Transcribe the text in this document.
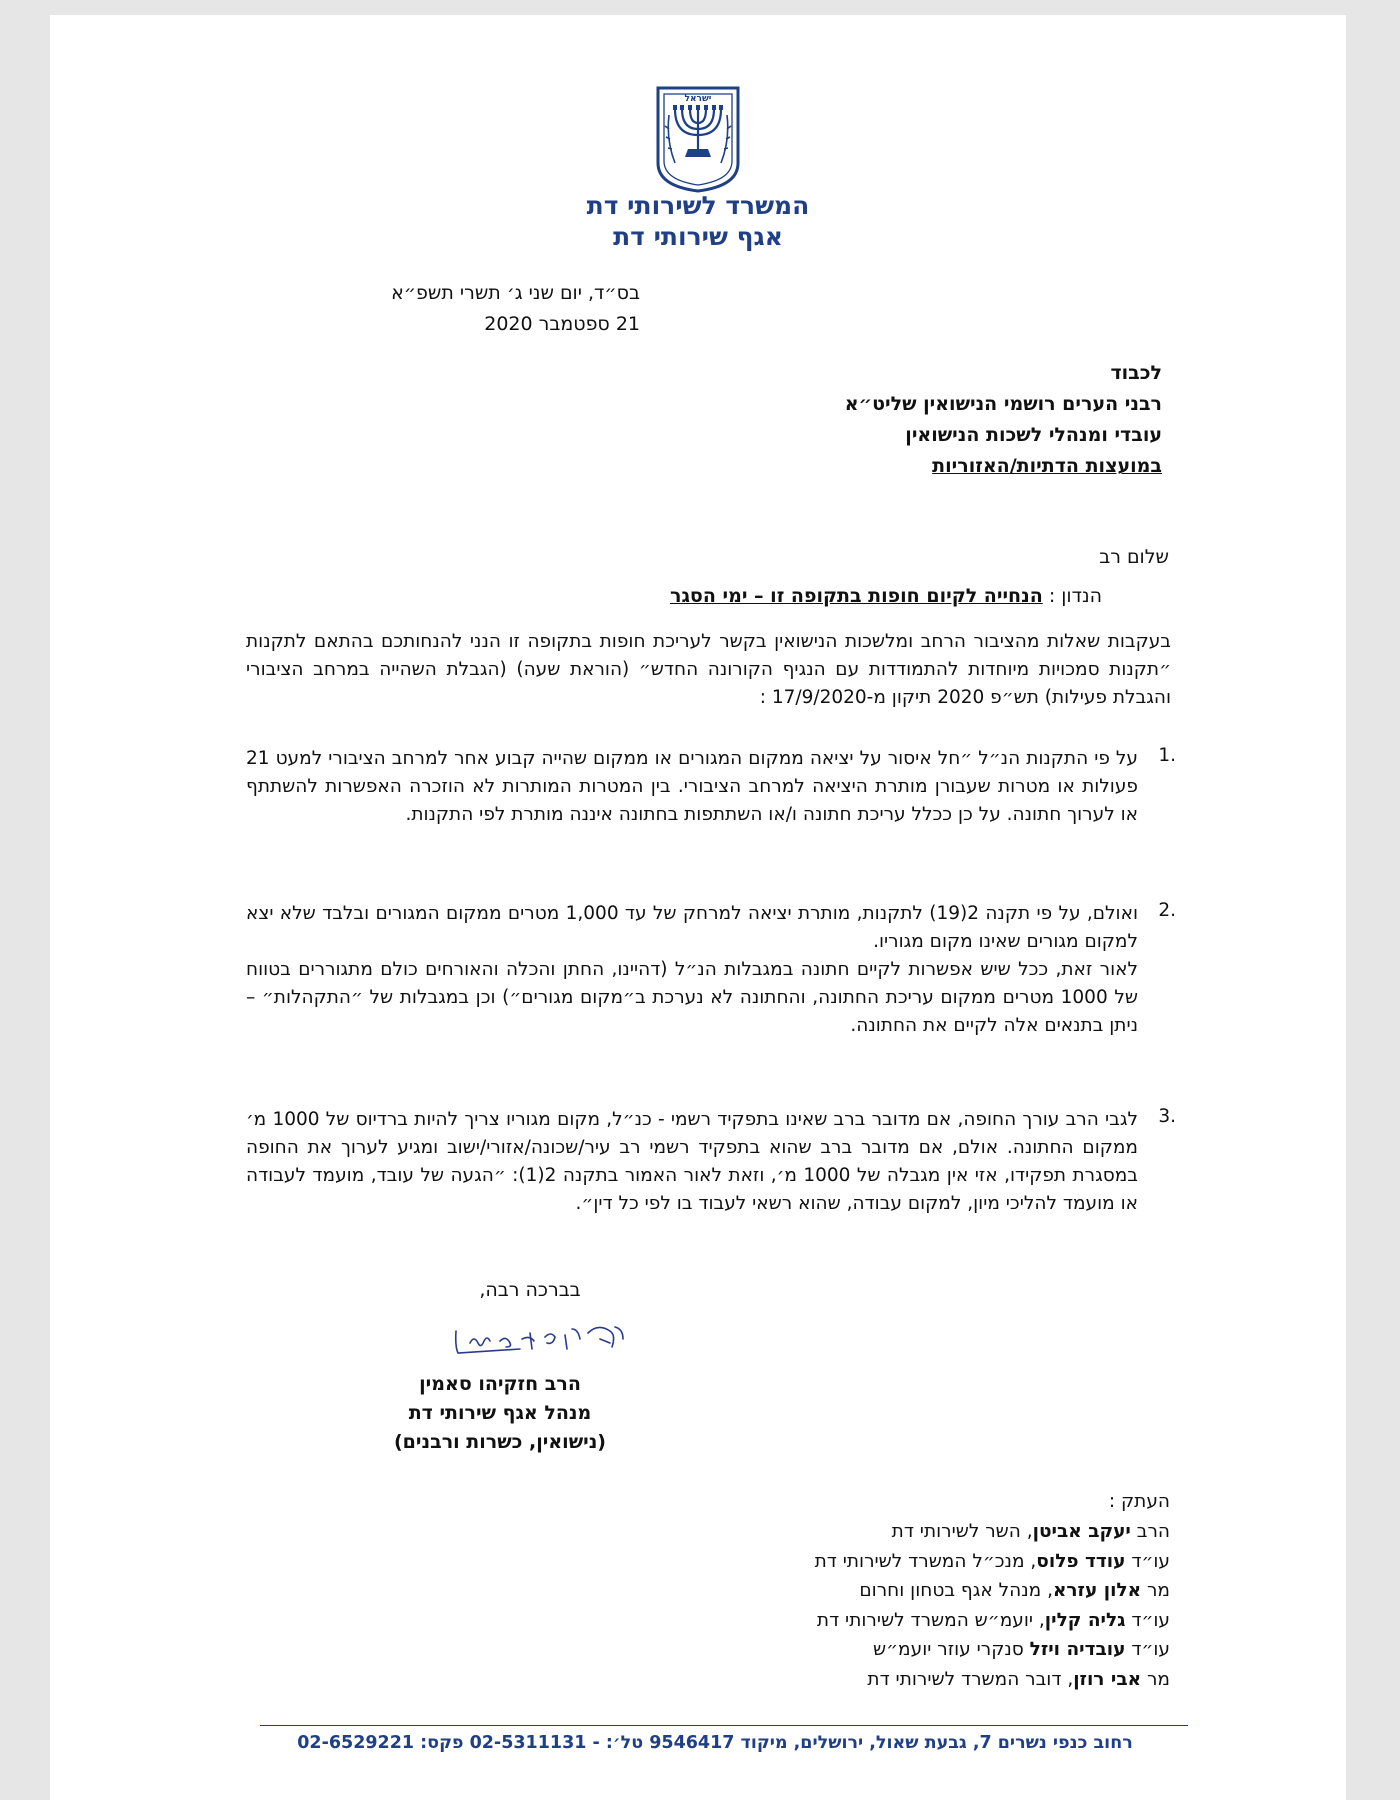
ישראל
המשרד לשירותי דת
אגף שירותי דת
בס״ד, יום שני ג׳ תשרי תשפ״א
21 ספטמבר 2020
לכבוד
רבני הערים רושמי הנישואין שליט״א
עובדי ומנהלי לשכות הנישואין
במועצות הדתיות/האזוריות
שלום רב
הנדון : הנחייה לקיום חופות בתקופה זו – ימי הסגר
בעקבות שאלות מהציבור הרחב ומלשכות הנישואין בקשר לעריכת חופות בתקופה זו הנני להנחותכם בהתאם לתקנות ״תקנות סמכויות מיוחדות להתמודדות עם הנגיף הקורונה החדש״ (הוראת שעה) (הגבלת השהייה במרחב הציבורי והגבלת פעילות) תש״פ 2020 תיקון מ-17/9/2020 :
1.
על פי התקנות הנ״ל ״חל איסור על יציאה ממקום המגורים או ממקום שהייה קבוע אחר למרחב הציבורי למעט 21 פעולות או מטרות שעבורן מותרת היציאה למרחב הציבורי. בין המטרות המותרות לא הוזכרה האפשרות להשתתף או לערוך חתונה. על כן ככלל עריכת חתונה ו/או השתתפות בחתונה איננה מותרת לפי התקנות.
2.
ואולם, על פי תקנה 2(19) לתקנות, מותרת יציאה למרחק של עד 1,000 מטרים ממקום המגורים ובלבד שלא יצא למקום מגורים שאינו מקום מגוריו.
לאור זאת, ככל שיש אפשרות לקיים חתונה במגבלות הנ״ל (דהיינו, החתן והכלה והאורחים כולם מתגוררים בטווח של 1000 מטרים ממקום עריכת החתונה, והחתונה לא נערכת ב״מקום מגורים״) וכן במגבלות של ״התקהלות״ –ניתן בתנאים אלה לקיים את החתונה.
3.
לגבי הרב עורך החופה, אם מדובר ברב שאינו בתפקיד רשמי - כנ״ל, מקום מגוריו צריך להיות ברדיוס של 1000 מ׳ ממקום החתונה. אולם, אם מדובר ברב שהוא בתפקיד רשמי רב עיר/שכונה/אזורי/ישוב ומגיע לערוך את החופה במסגרת תפקידו, אזי אין מגבלה של 1000 מ׳, וזאת לאור האמור בתקנה 2(1): ״הגעה של עובד, מועמד לעבודה או מועמד להליכי מיון, למקום עבודה, שהוא רשאי לעבוד בו לפי כל דין״.
בברכה רבה,
הרב חזקיהו סאמין
מנהל אגף שירותי דת
(נישואין, כשרות ורבנים)
העתק :
הרב יעקב אביטן, השר לשירותי דת
עו״ד עודד פלוס, מנכ״ל המשרד לשירותי דת
מר אלון עזרא, מנהל אגף בטחון וחרום
עו״ד גליה קלין, יועמ״ש המשרד לשירותי דת
עו״ד עובדיה ויזל סנקרי עוזר יועמ״ש
מר אבי רוזן, דובר המשרד לשירותי דת
רחוב כנפי נשרים 7, גבעת שאול, ירושלים, מיקוד 9546417 טל׳: - 02-5311131 פקס: 02-6529221
